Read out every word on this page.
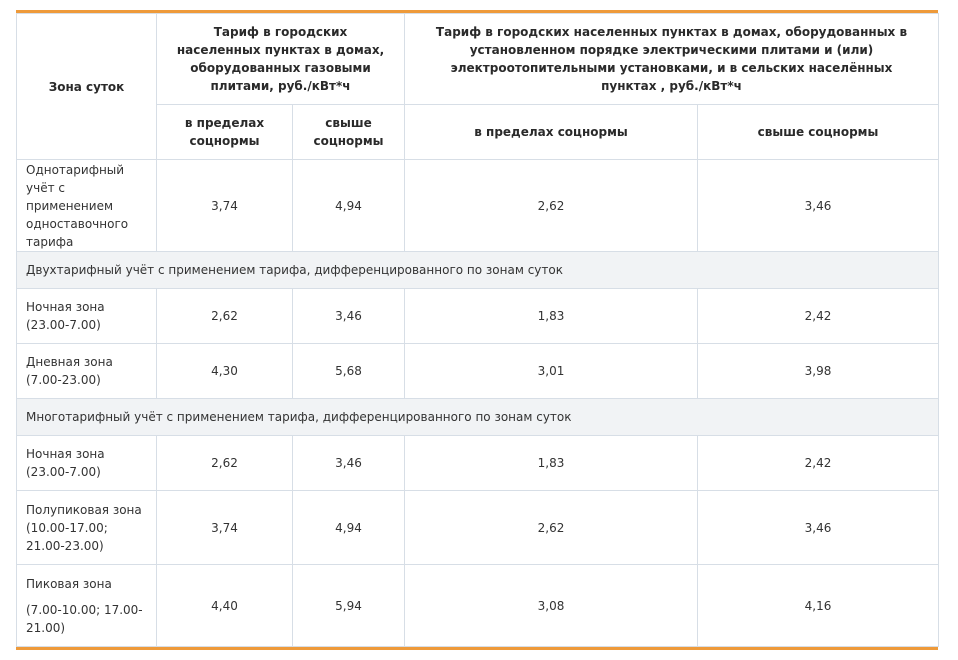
Зона суток	Тариф в городских населенных пунктах в домах, оборудованных газовыми плитами, руб./кВт*ч		Тариф в городских населенных пунктах в домах, оборудованных в установленном порядке электрическими плитами и (или) электроотопительными установками, и в сельских населённых пунктах , руб./кВт*ч	
	в пределах соцнормы	свыше соцнормы	в пределах соцнормы	свыше соцнормы
Однотарифный учёт с применением одноставочного тарифа	3,74	4,94	2,62	3,46
Двухтарифный учёт с применением тарифа, дифференцированного по зонам суток				
Ночная зона (23.00-7.00)	2,62	3,46	1,83	2,42
Дневная зона (7.00-23.00)	4,30	5,68	3,01	3,98
Многотарифный учёт с применением тарифа, дифференцированного по зонам суток				
Ночная зона (23.00-7.00)	2,62	3,46	1,83	2,42
Полупиковая зона (10.00-17.00; 21.00-23.00)	3,74	4,94	2,62	3,46
Пиковая зона
(7.00-10.00; 17.00-21.00)	4,40	5,94	3,08	4,16
